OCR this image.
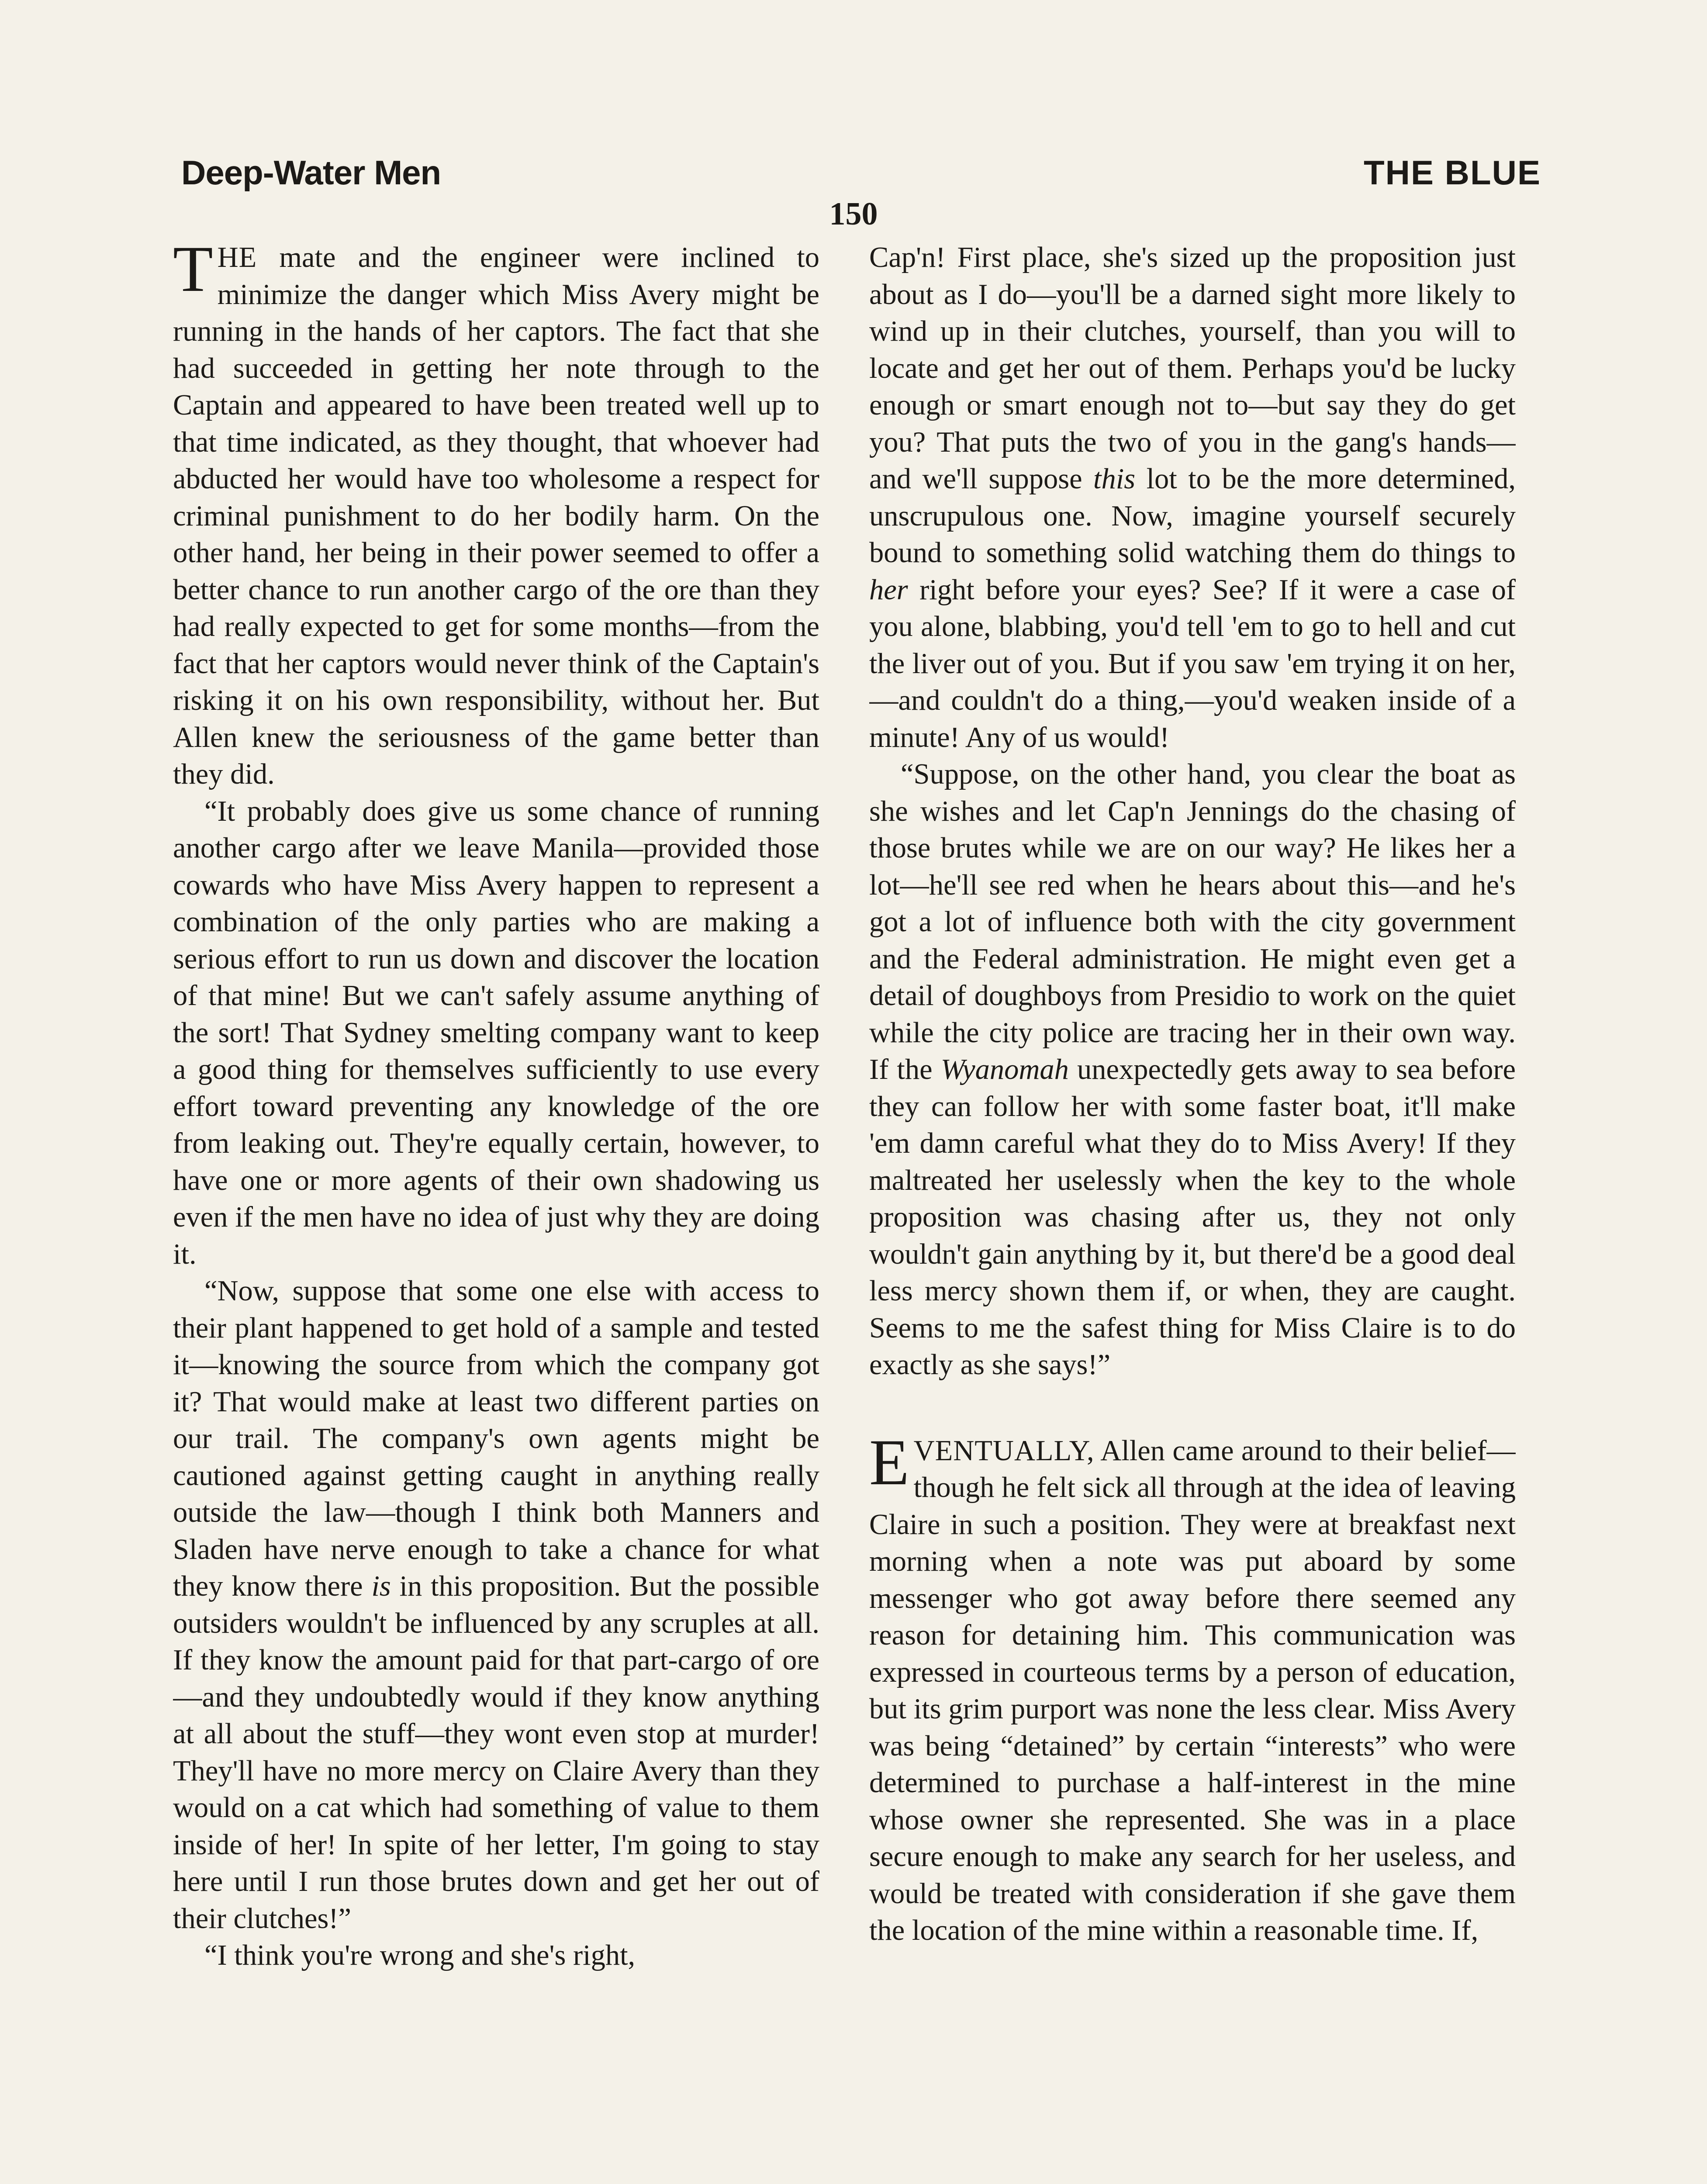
Deep-Water Men	THE BLUE
150

THE mate and the engineer were inclined to minimize the danger which Miss Avery might be running in the hands of her captors. The fact that she had succeeded in getting her note through to the Captain and appeared to have been treated well up to that time indicated, as they thought, that whoever had abducted her would have too wholesome a respect for criminal punishment to do her bodily harm. On the other hand, her being in their power seemed to offer a better chance to run another cargo of the ore than they had really expected to get for some months—from the fact that her captors would never think of the Captain's risking it on his own responsibility, without her. But Allen knew the seriousness of the game better than they did.

“It probably does give us some chance of running another cargo after we leave Manila—provided those cowards who have Miss Avery happen to represent a combination of the only parties who are making a serious effort to run us down and discover the location of that mine! But we can't safely assume anything of the sort! That Sydney smelting company want to keep a good thing for themselves sufficiently to use every effort toward preventing any knowledge of the ore from leaking out. They're equally certain, however, to have one or more agents of their own shadowing us even if the men have no idea of just why they are doing it.

“Now, suppose that some one else with access to their plant happened to get hold of a sample and tested it—knowing the source from which the company got it? That would make at least two different parties on our trail. The company's own agents might be cautioned against getting caught in anything really outside the law—though I think both Manners and Sladen have nerve enough to take a chance for what they know there is in this proposition. But the possible outsiders wouldn't be influenced by any scruples at all. If they know the amount paid for that part-cargo of ore—and they undoubtedly would if they know anything at all about the stuff—they wont even stop at murder! They'll have no more mercy on Claire Avery than they would on a cat which had something of value to them inside of her! In spite of her letter, I'm going to stay here until I run those brutes down and get her out of their clutches!”

“I think you're wrong and she's right,

Cap'n! First place, she's sized up the proposition just about as I do—you'll be a darned sight more likely to wind up in their clutches, yourself, than you will to locate and get her out of them. Perhaps you'd be lucky enough or smart enough not to—but say they do get you? That puts the two of you in the gang's hands—and we'll suppose this lot to be the more determined, unscrupulous one. Now, imagine yourself securely bound to something solid watching them do things to her right before your eyes? See? If it were a case of you alone, blabbing, you'd tell 'em to go to hell and cut the liver out of you. But if you saw 'em trying it on her,—and couldn't do a thing,—you'd weaken inside of a minute! Any of us would!

“Suppose, on the other hand, you clear the boat as she wishes and let Cap'n Jennings do the chasing of those brutes while we are on our way? He likes her a lot—he'll see red when he hears about this—and he's got a lot of influence both with the city government and the Federal administration. He might even get a detail of doughboys from Presidio to work on the quiet while the city police are tracing her in their own way. If the Wyanomah unexpectedly gets away to sea before they can follow her with some faster boat, it'll make 'em damn careful what they do to Miss Avery! If they maltreated her uselessly when the key to the whole proposition was chasing after us, they not only wouldn't gain anything by it, but there'd be a good deal less mercy shown them if, or when, they are caught. Seems to me the safest thing for Miss Claire is to do exactly as she says!”

EVENTUALLY, Allen came around to their belief—though he felt sick all through at the idea of leaving Claire in such a position. They were at breakfast next morning when a note was put aboard by some messenger who got away before there seemed any reason for detaining him. This communication was expressed in courteous terms by a person of education, but its grim purport was none the less clear. Miss Avery was being “detained” by certain “interests” who were determined to purchase a half-interest in the mine whose owner she represented. She was in a place secure enough to make any search for her useless, and would be treated with consideration if she gave them the location of the mine within a reasonable time. If,
